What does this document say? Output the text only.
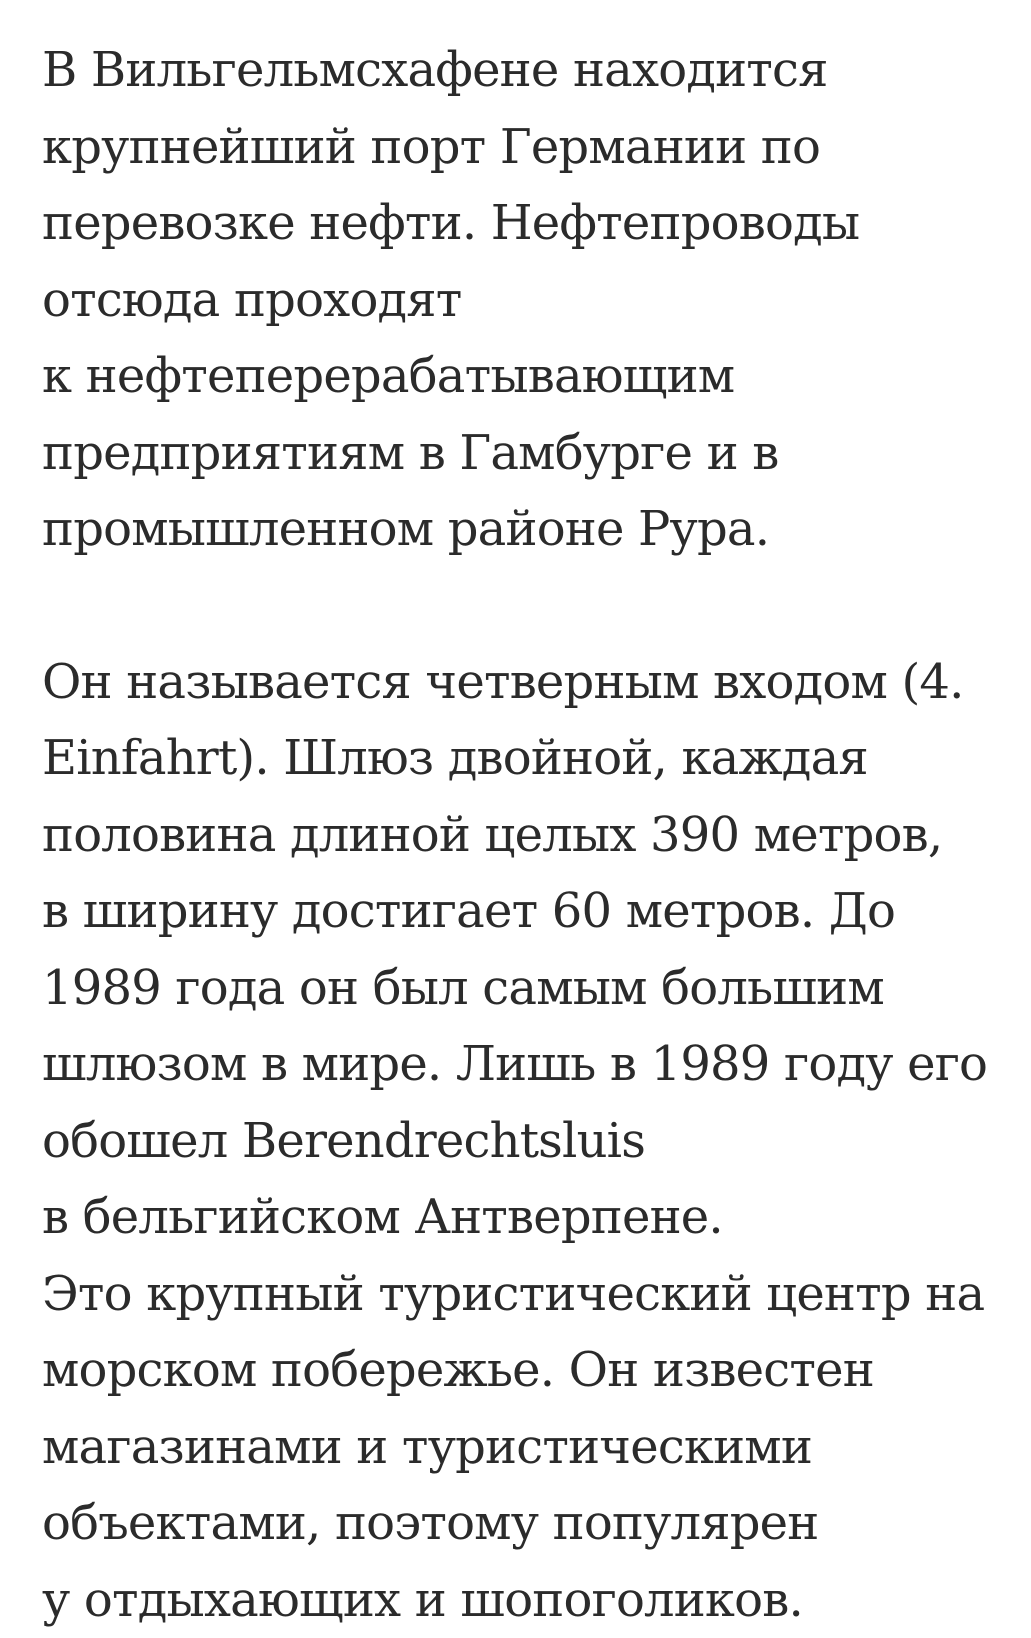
В Вильгельмсхафене находится
крупнейший порт Германии по
перевозке нефти. Нефтепроводы
отсюда проходят
к нефтеперерабатывающим
предприятиям в Гамбурге и в
промышленном районе Рура.

Он называется четверным входом (4.
Einfahrt). Шлюз двойной, каждая
половина длиной целых 390 метров,
в ширину достигает 60 метров. До
1989 года он был самым большим
шлюзом в мире. Лишь в 1989 году его
обошел Berendrechtsluis
в бельгийском Антверпене.
Это крупный туристический центр на
морском побережье. Он известен
магазинами и туристическими
объектами, поэтому популярен
у отдыхающих и шопоголиков.
